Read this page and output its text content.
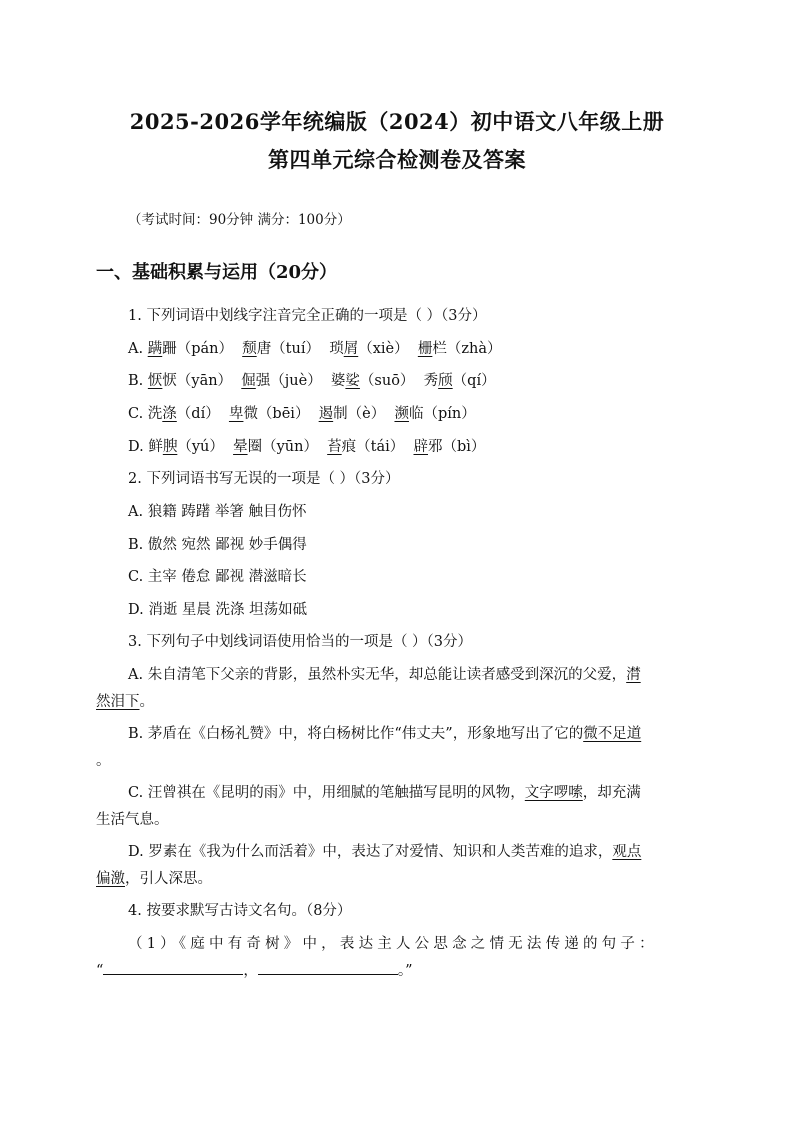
2025-2026学年统编版（2024）初中语文八年级上册
第四单元综合检测卷及答案
（考试时间：90分钟 满分：100分）
一、基础积累与运用（20分）
1. 下列词语中划线字注音完全正确的一项是（ ）（3分）
A. 蹒跚（pán） 颓唐（tuí）  琐屑（xiè）  栅栏（zhà）
B. 恹恹（yān）  倔强（juè）  婆娑（suō）  秀颀（qí）
C. 洗涤（dí）  卑微（bēi）  遏制（è）  濒临（pín）
D. 鲜腴（yú）  晕圈（yūn）  苔痕（tái）  辟邪（bì）
2. 下列词语书写无误的一项是（ ）（3分）
A. 狼籍 踌躇 举箸 触目伤怀
B. 傲然 宛然 鄙视 妙手偶得
C. 主宰 倦怠 鄙视 潜滋暗长
D. 消逝 星晨 洗涤 坦荡如砥
3. 下列句子中划线词语使用恰当的一项是（ ）（3分）
A. 朱自清笔下父亲的背影，虽然朴实无华，却总能让读者感受到深沉的父爱，潸
然泪下。
B. 茅盾在《白杨礼赞》中，将白杨树比作“伟丈夫”，形象地写出了它的微不足道
。
C. 汪曾祺在《昆明的雨》中，用细腻的笔触描写昆明的风物，文字啰嗦，却充满
生活气息。
D. 罗素在《我为什么而活着》中，表达了对爱情、知识和人类苦难的追求，观点
偏激，引人深思。
4. 按要求默写古诗文名句。（8分）
（1）《庭中有奇树》中，表达主人公思念之情无法传递的句子：
“	，	。”
